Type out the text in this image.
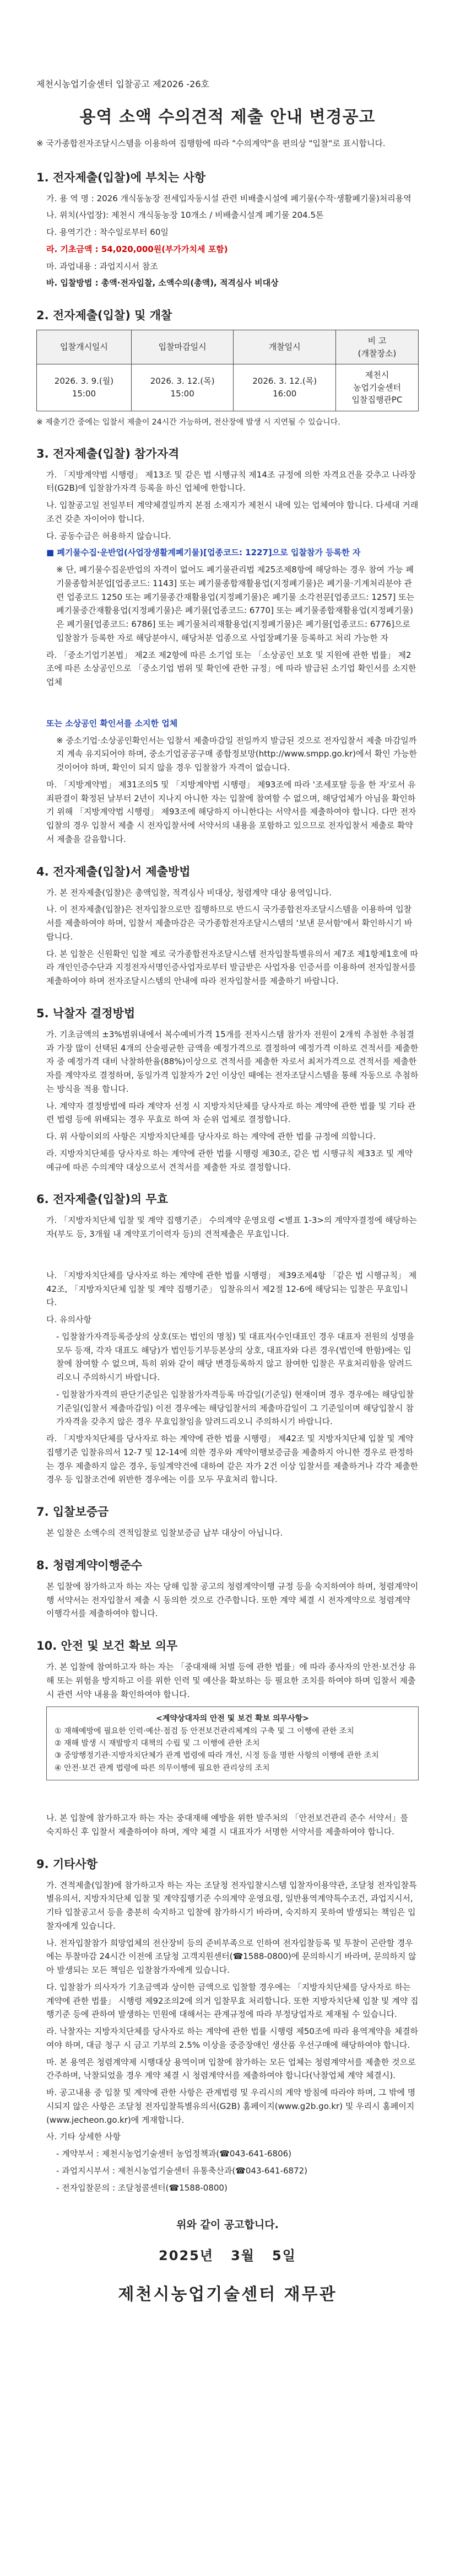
제천시농업기술센터 입찰공고 제2026 -26호

용역 소액 수의견적 제출 안내 변경공고

※ 국가종합전자조달시스템을 이용하여 집행함에 따라 "수의계약"을 편의상 "입찰"로 표시합니다.

1. 전자제출(입찰)에 부치는 사항

가. 용 역 명 : 2026 개식동농장 전세입자동시설 관련 비배출시설에 폐기물(수작·생활폐기물)처리용역

나. 위치(사업장): 제천시 개식동농장 10개소 / 비배출시설계 폐기물 204.5톤

다. 용역기간 : 착수일로부터 60일

라. 기초금액 : 54,020,000원(부가가치세 포함)

마. 과업내용 : 과업지시서 참조

바. 입찰방법 : 총액·전자입찰, 소액수의(총액), 적격심사 비대상

2. 전자제출(입찰) 및 개찰
입찰개시일시	입찰마감일시	개찰일시	비 고
(개찰장소)
2026. 3. 9.(월)
15:00	2026. 3. 12.(목)
15:00	2026. 3. 12.(목)
16:00	제천시
농업기술센터
입찰집행관PC

※ 제출기간 중에는 입찰서 제출이 24시간 가능하며, 전산장애 발생 시 지연될 수 있습니다.

3. 전자제출(입찰) 참가자격

가. 「지방계약법 시행령」 제13조 및 같은 법 시행규칙 제14조 규정에 의한 자격요건을 갖추고 나라장터(G2B)에 입찰참가자격 등록을 하신 업체에 한합니다.

나. 입찰공고일 전일부터 계약체결일까지 본점 소재지가 제천시 내에 있는 업체여야 합니다. 다세대 거래 조건 갖춘 자이어야 합니다.

다. 공동수급은 허용하지 않습니다.

■ 폐기물수집·운반업(사업장생활계폐기물)[업종코드: 1227]으로 입찰참가 등록한 자

※ 단, 폐기물수집운반업의 자격이 없어도 폐기물관리법 제25조제8항에 해당하는 경우 참여 가능 폐기물종합처분업[업종코드: 1143] 또는 폐기물종합재활용업(지정폐기물)은 폐기물·기계처리분야 관련 업종코드 1250 또는 폐기물종간재활용업(지정폐기물)은 폐기물 소각전문[업종코드: 1257] 또는 폐기물중간재활용업(지정폐기물)은 폐기물[업종코드: 6770] 또는 폐기물종합재활용업(지정폐기물)은 폐기물[업종코드: 6786] 또는 폐기물처리재활용업(지정폐기물)은 폐기물[업종코드: 6776]으로 입찰참가 등록한 자로 해당분야시, 해당처분 업종으로 사업장폐기물 등록하고 처리 가능한 자

라. 「중소기업기본법」 제2조 제2항에 따른 소기업 또는 「소상공인 보호 및 지원에 관한 법률」 제2조에 따른 소상공인으로 「중소기업 범위 및 확인에 관한 규정」에 따라 발급된 소기업 확인서를 소지한 업체

또는 소상공인 확인서를 소지한 업체

※ 중소기업·소상공인확인서는 입찰서 제출마감일 전일까지 발급된 것으로 전자입찰서 제출 마감일까지 계속 유지되어야 하며, 중소기업공공구매 종합정보망(http://www.smpp.go.kr)에서 확인 가능한 것이어야 하며, 확인이 되지 않을 경우 입찰참가 자격이 없습니다.

마. 「지방계약법」 제31조의5 및 「지방계약법 시행령」 제93조에 따라 '조세포탈 등을 한 자'로서 유죄판결이 확정된 날부터 2년이 지나지 아니한 자는 입찰에 참여할 수 없으며, 해당업체가 아님을 확인하기 위해 「지방계약법 시행령」 제93조에 해당하지 아니한다는 서약서를 제출하여야 합니다. 다만 전자입찰의 경우 입찰서 제출 시 전자입찰서에 서약서의 내용을 포함하고 있으므로 전자입찰서 제출로 확약서 제출을 갈음합니다.

4. 전자제출(입찰)서 제출방법

가. 본 전자제출(입찰)은 총액입찰, 적격심사 비대상, 청렴계약 대상 용역입니다.

나. 이 전자제출(입찰)은 전자입찰으로만 집행하므로 반드시 국가종합전자조달시스템을 이용하여 입찰서를 제출하여야 하며, 입찰서 제출마감은 국가종합전자조달시스템의 '보낸 문서함'에서 확인하시기 바랍니다.

다. 본 입찰은 신원확인 입찰 제로 국가종합전자조달시스템 전자입찰특별유의서 제7조 제1항제1호에 따라 개인인증수단과 지정전자서명인증사업자로부터 발급받은 사업자용 인증서를 이용하여 전자입찰서를 제출하여야 하며 전자조달시스템의 안내에 따라 전자입찰서를 제출하기 바랍니다.

5. 낙찰자 결정방법

가. 기초금액의 ±3%범위내에서 복수예비가격 15개를 전자시스템 참가자 전원이 2개씩 추첨한 추첨결과 가장 많이 선택된 4개의 산술평균한 금액을 예정가격으로 결정하여 예정가격 이하로 견적서를 제출한 자 중 예정가격 대비 낙찰하한율(88%)이상으로 견적서를 제출한 자로서 최저가격으로 견적서를 제출한 자를 계약자로 결정하며, 동일가격 입찰자가 2인 이상인 때에는 전자조달시스템을 통해 자동으로 추첨하는 방식을 적용 합니다.

나. 계약자 결정방법에 따라 계약자 선정 시 지방자치단체를 당사자로 하는 계약에 관한 법률 및 기타 관련 법령 등에 위배되는 경우 무효로 하여 차 순위 업체로 결정합니다.

다. 위 사항이외의 사항은 지방자치단체를 당사자로 하는 계약에 관한 법률 규정에 의합니다.

라. 지방자치단체를 당사자로 하는 계약에 관한 법률 시행령 제30조, 같은 법 시행규칙 제33조 및 계약예규에 따른 수의계약 대상으로서 견적서를 제출한 자로 결정합니다.

6. 전자제출(입찰)의 무효

가. 「지방자치단체 입찰 및 계약 집행기준」 수의계약 운영요령 <별표 1-3>의 계약자결정에 해당하는 자(부도 등, 3개월 내 계약포기이력자 등)의 견적제출은 무효입니다.

나. 「지방자치단체를 당사자로 하는 계약에 관한 법률 시행령」 제39조제4항 「같은 법 시행규칙」 제42조, 「지방자치단체 입찰 및 계약 집행기준」 입찰유의서 제2절 12-6에 해당되는 입찰은 무효입니다.

다. 유의사항

- 입찰참가자격등록증상의 상호(또는 법인의 명칭) 및 대표자(수인대표인 경우 대표자 전원의 성명을 모두 등재, 각자 대표도 해당)가 법인등기부등본상의 상호, 대표자와 다른 경우(법인에 한함)에는 입찰에 참여할 수 없으며, 특히 위와 같이 해당 변경등록하지 않고 참여한 입찰은 무효처리함을 알려드리오니 주의하시기 바랍니다.

- 입찰참가자격의 판단기준일은 입찰참가자격등록 마감일(기준일) 현재이며 경우 경우에는 해당입찰기준일(입찰서 제출마감일) 이전 경우에는 해당입찰서의 제출마감일이 그 기준일이며 해당입찰시 참가자격을 갖추지 않은 경우 무효입찰임을 알려드리오니 주의하시기 바랍니다.

라. 「지방자치단체를 당사자로 하는 계약에 관한 법률 시행령」 제42조 및 지방자치단체 입찰 및 계약 집행기준 입찰유의서 12-7 및 12-14에 의한 경우와 계약이행보증금을 제출하지 아니한 경우로 판정하는 경우 제출하지 않은 경우, 동일계약건에 대하여 같은 자가 2건 이상 입찰서를 제출하거나 각각 제출한 경우 등 입찰조건에 위반한 경우에는 이를 모두 무효처리 합니다.

7. 입찰보증금

본 입찰은 소액수의 견적입찰로 입찰보증금 납부 대상이 아닙니다.

8. 청렴계약이행준수

본 입찰에 참가하고자 하는 자는 당해 입찰 공고의 청렴계약이행 규정 등을 숙지하여야 하며, 청렴계약이행 서약서는 전자입찰서 제출 시 동의한 것으로 간주합니다. 또한 계약 체결 시 전자계약으로 청렴계약 이행각서를 제출하여야 합니다.

10. 안전 및 보건 확보 의무

가. 본 입찰에 참여하고자 하는 자는 「중대재해 처벌 등에 관한 법률」에 따라 종사자의 안전·보건상 유해 또는 위험을 방지하고 이를 위한 인력 및 예산을 확보하는 등 필요한 조치를 하여야 하며 입찰서 제출 시 관련 서약 내용을 확인하여야 합니다.

<계약상대자의 안전 및 보건 확보 의무사항>
① 재해예방에 필요한 인력·예산·점검 등 안전보건관리체계의 구축 및 그 이행에 관한 조치
② 재해 발생 시 재발방지 대책의 수립 및 그 이행에 관한 조치
③ 중앙행정기관·지방자치단체가 관계 법령에 따라 개선, 시정 등을 명한 사항의 이행에 관한 조치
④ 안전·보건 관계 법령에 따른 의무이행에 필요한 관리상의 조치

나. 본 입찰에 참가하고자 하는 자는 중대재해 예방을 위한 발주처의 「안전보건관리 준수 서약서」를 숙지하신 후 입찰서 제출하여야 하며, 계약 체결 시 대표자가 서명한 서약서를 제출하여야 합니다.

9. 기타사항

가. 견적제출(입찰)에 참가하고자 하는 자는 조달청 전자입찰시스템 입찰자이용약관, 조달청 전자입찰특별유의서, 지방자치단체 입찰 및 계약집행기준 수의계약 운영요령, 일반용역계약특수조건, 과업지시서, 기타 입찰공고서 등을 충분히 숙지하고 입찰에 참가하시기 바라며, 숙지하지 못하여 발생되는 책임은 입찰자에게 있습니다.

나. 전자입찰참가 희망업체의 전산장비 등의 준비부족으로 인하여 전자입찰등록 및 투찰이 곤란할 경우에는 투찰마감 24시간 이전에 조달청 고객지원센터(☎1588-0800)에 문의하시기 바라며, 문의하지 않아 발생되는 모든 책임은 입찰참가자에게 있습니다.

다. 입찰참가 의사자가 기초금액과 상이한 금액으로 입찰할 경우에는 「지방자치단체를 당사자로 하는 계약에 관한 법률」 시행령 제92조의2에 의거 입찰무효 처리합니다. 또한 지방자치단체 입찰 및 계약 집행기준 등에 관하여 발생하는 민원에 대해서는 관계규정에 따라 부정당업자로 제재될 수 있습니다.

라. 낙찰자는 지방자치단체를 당사자로 하는 계약에 관한 법률 시행령 제50조에 따라 용역계약을 체결하여야 하며, 대금 청구 시 금고 기부의 2.5% 이상을 중증장애인 생산품 우선구매에 해당하여야 합니다.

마. 본 용역은 청렴계약제 시행대상 용역이며 입찰에 참가하는 모든 업체는 청렴계약서를 제출한 것으로 간주하며, 낙찰되었을 경우 계약 체결 시 청렴계약서를 제출하여야 합니다(낙찰업체 계약 체결시).

바. 공고내용 중 입찰 및 계약에 관한 사항은 관계법령 및 우리시의 계약 방침에 따라야 하며, 그 밖에 명시되지 않은 사항은 조달청 전자입찰특별유의서(G2B) 홈페이지(www.g2b.go.kr) 및 우리시 홈페이지(www.jecheon.go.kr)에 게재합니다.

사. 기타 상세한 사항

- 계약부서 : 제천시농업기술센터 농업정책과(☎043-641-6806)

- 과업지시부서 : 제천시농업기술센터 유통축산과(☎043-641-6872)

- 전자입찰문의 : 조달청콜센터(☎1588-0800)

위와 같이 공고합니다.

2025년   3월   5일

제천시농업기술센터 재무관
